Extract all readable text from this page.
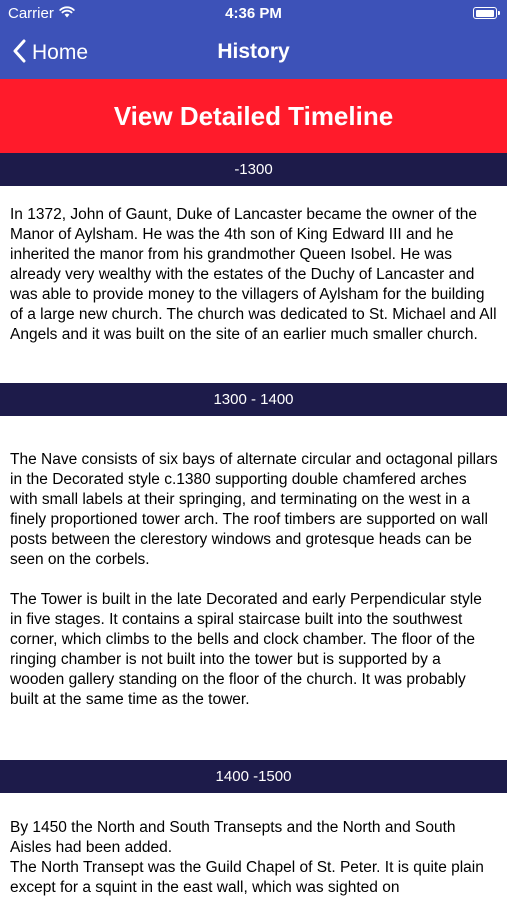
Carrier	4:36 PM
Home	History
View Detailed Timeline
-1300

In 1372, John of Gaunt, Duke of Lancaster became the owner of the Manor of Aylsham. He was the 4th son of King Edward III and he inherited the manor from his grandmother Queen Isobel. He was already very wealthy with the estates of the Duchy of Lancaster and was able to provide money to the villagers of Aylsham for the building of a large new church. The church was dedicated to St. Michael and All Angels and it was built on the site of an earlier much smaller church.

1300 - 1400

The Nave consists of six bays of alternate circular and octagonal pillars in the Decorated style c.1380 supporting double chamfered arches with small labels at their springing, and terminating on the west in a finely proportioned tower arch. The roof timbers are supported on wall posts between the clerestory windows and grotesque heads can be seen on the corbels.

The Tower is built in the late Decorated and early Perpendicular style in five stages. It contains a spiral staircase built into the southwest corner, which climbs to the bells and clock chamber. The floor of the ringing chamber is not built into the tower but is supported by a wooden gallery standing on the floor of the church. It was probably built at the same time as the tower.

1400 -1500

By 1450 the North and South Transepts and the North and South Aisles had been added.

The North Transept was the Guild Chapel of St. Peter. It is quite plain except for a squint in the east wall, which was sighted on
